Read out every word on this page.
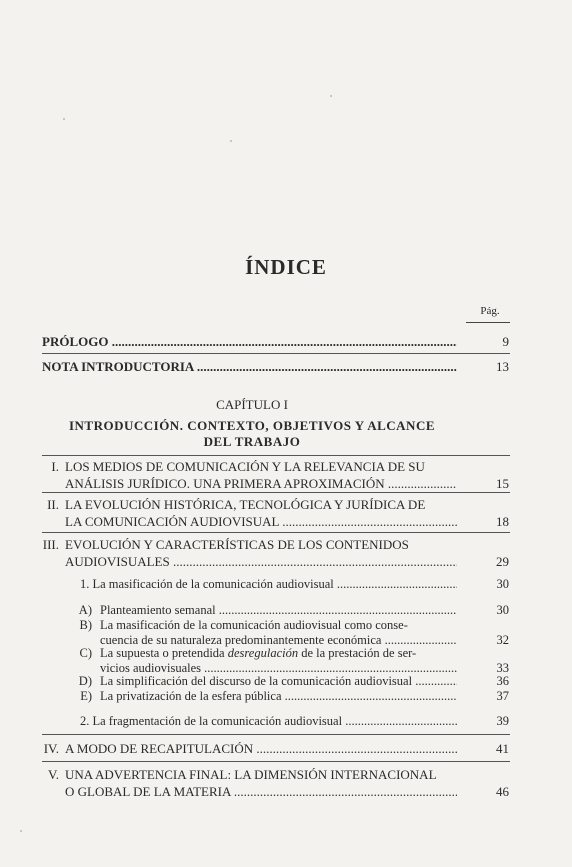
ÍNDICE
Pág.
PRÓLOGO .....	9
NOTA INTRODUCTORIA .....	13
CAPÍTULO I
INTRODUCCIÓN. CONTEXTO, OBJETIVOS Y ALCANCE
DEL TRABAJO
I. LOS MEDIOS DE COMUNICACIÓN Y LA RELEVANCIA DE SU
ANÁLISIS JURÍDICO. UNA PRIMERA APROXIMACIÓN .....	15
II. LA EVOLUCIÓN HISTÓRICA, TECNOLÓGICA Y JURÍDICA DE
LA COMUNICACIÓN AUDIOVISUAL .....	18
III. EVOLUCIÓN Y CARACTERÍSTICAS DE LOS CONTENIDOS
AUDIOVISUALES .....	29
1. La masificación de la comunicación audiovisual .....	30
A) Planteamiento semanal .....	30
B) La masificación de la comunicación audiovisual como conse-
cuencia de su naturaleza predominantemente económica .....	32
C) La supuesta o pretendida desregulación de la prestación de ser-
vicios audiovisuales .....	33
D) La simplificación del discurso de la comunicación audiovisual .....	36
E) La privatización de la esfera pública .....	37
2. La fragmentación de la comunicación audiovisual .....	39
IV. A MODO DE RECAPITULACIÓN .....	41
V. UNA ADVERTENCIA FINAL: LA DIMENSIÓN INTERNACIONAL
O GLOBAL DE LA MATERIA .....	46
